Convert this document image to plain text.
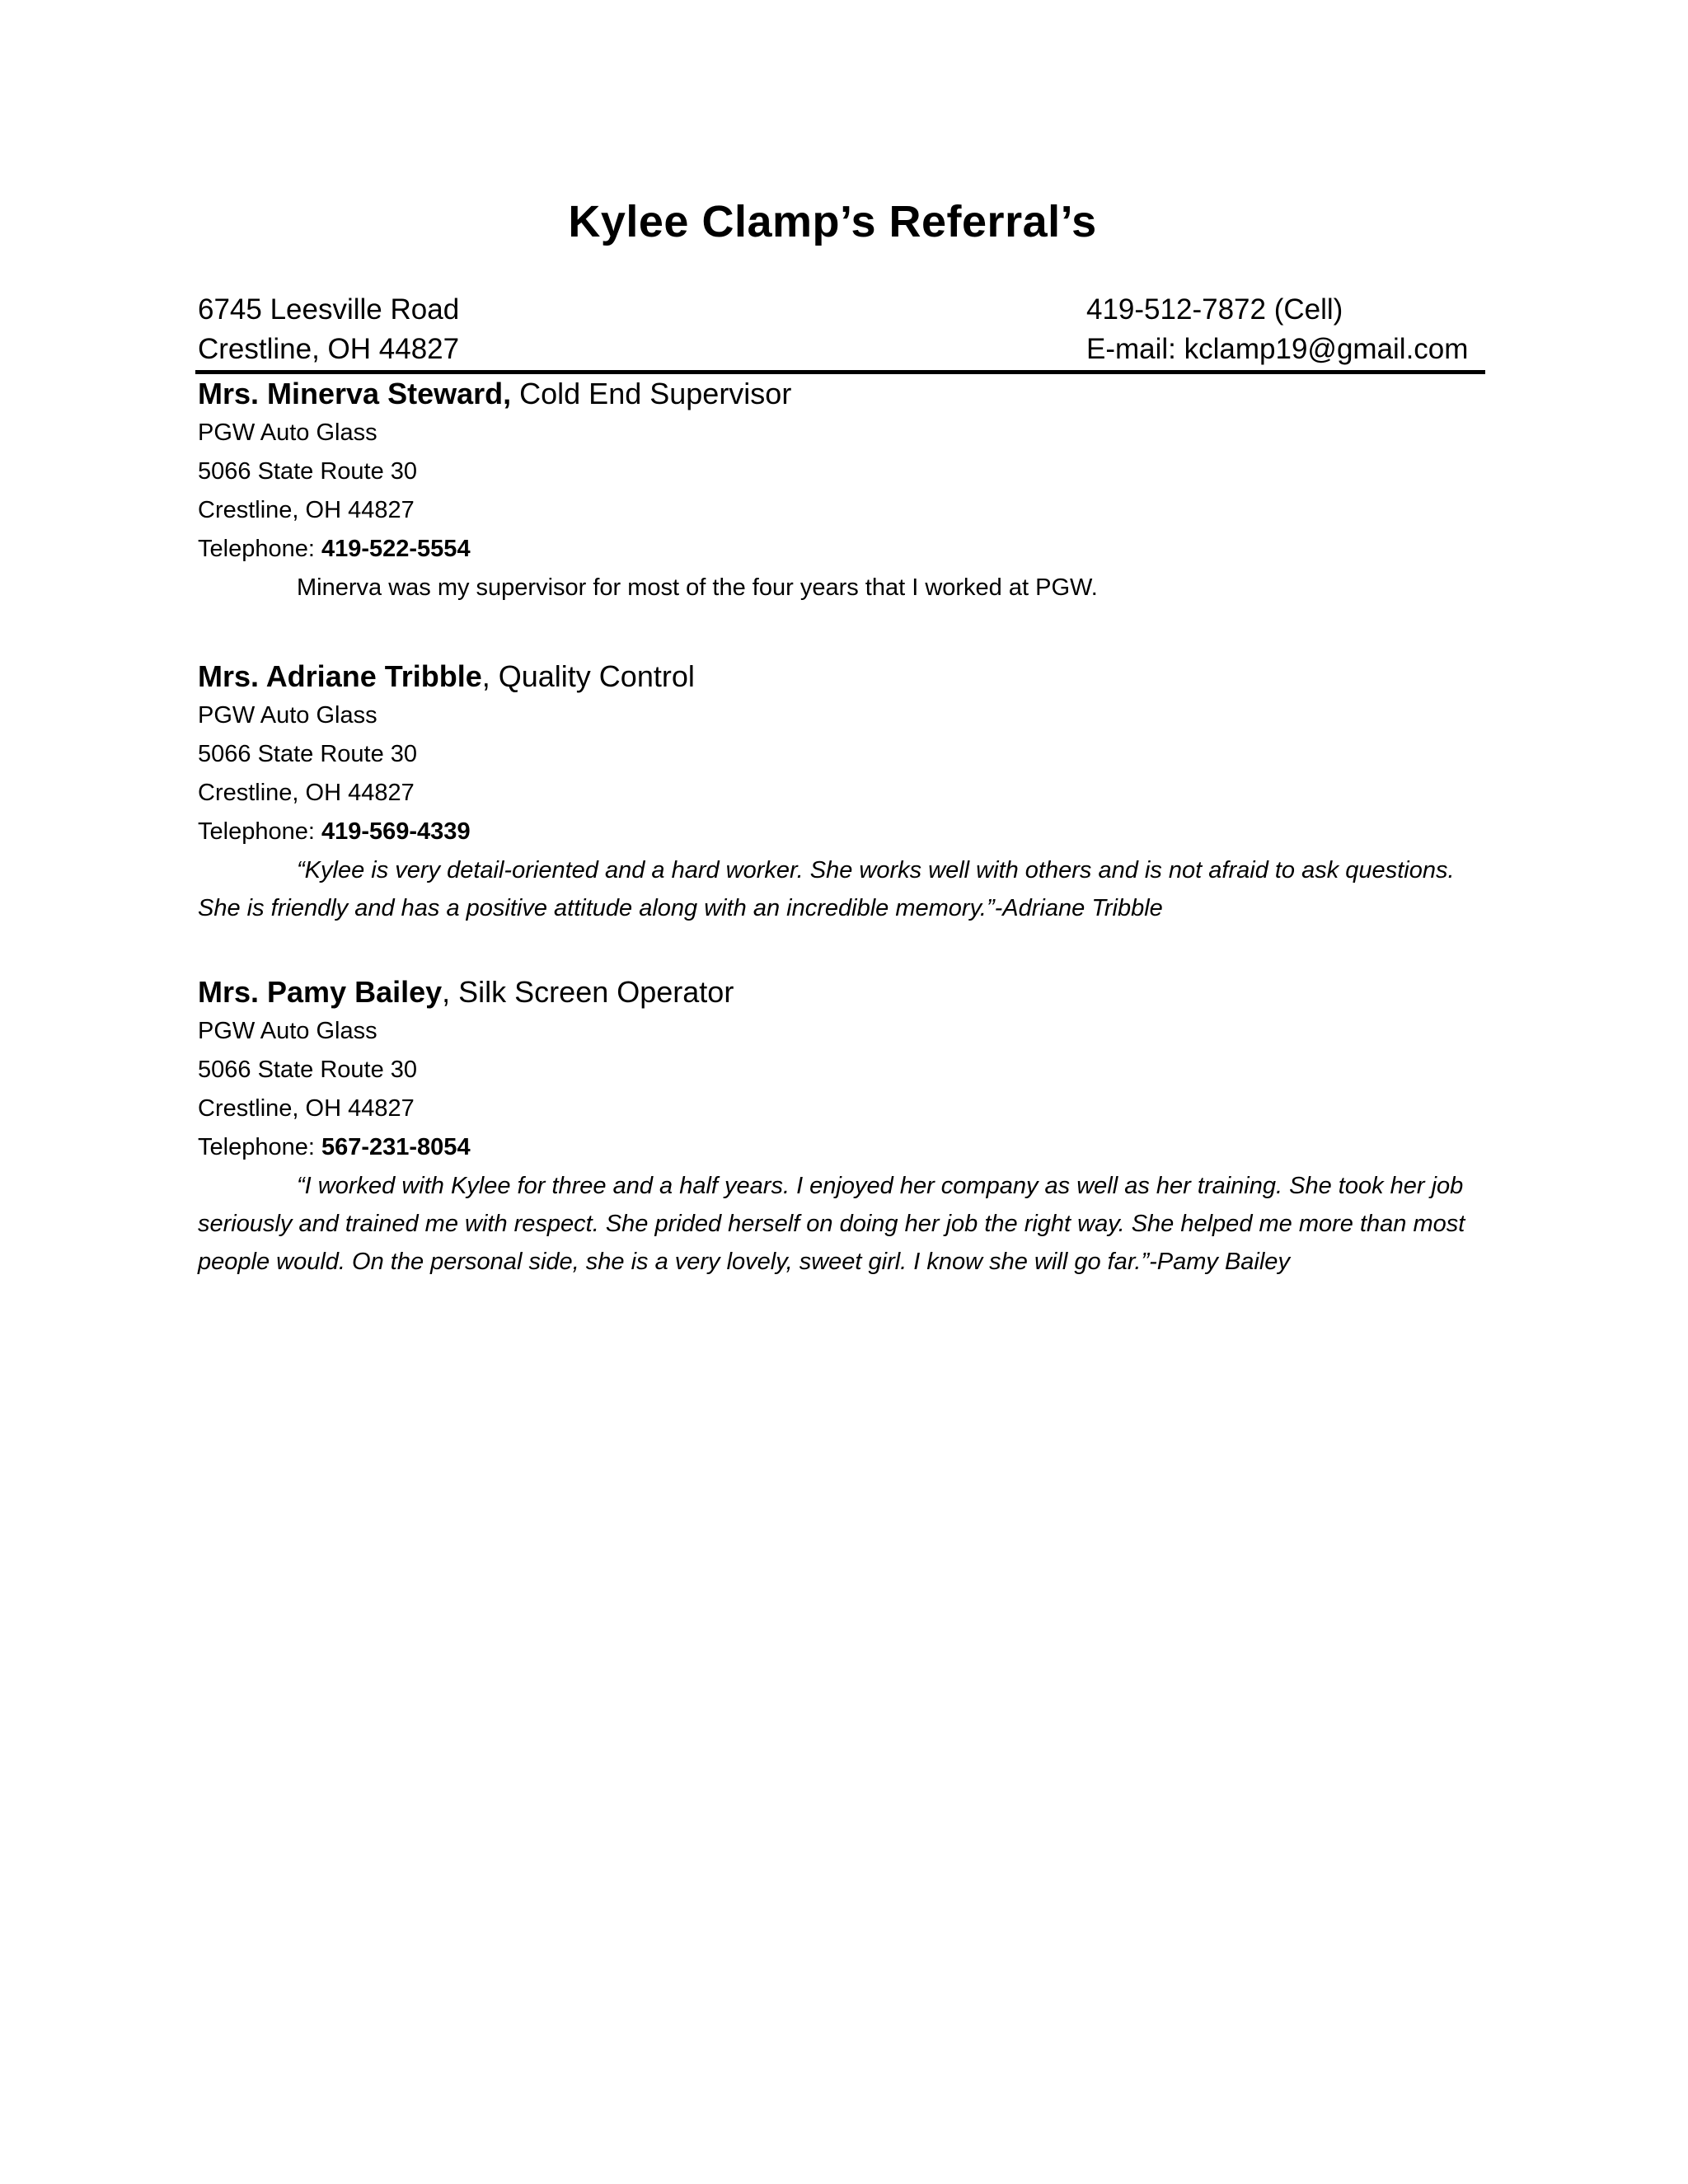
Kylee Clamp’s Referral’s
6745 Leesville Road
Crestline, OH 44827
419-512-7872 (Cell)
E-mail: kclamp19@gmail.com
Mrs. Minerva Steward, Cold End Supervisor
PGW Auto Glass
5066 State Route 30
Crestline, OH 44827
Telephone: 419-522-5554
Minerva was my supervisor for most of the four years that I worked at PGW.
Mrs. Adriane Tribble, Quality Control
PGW Auto Glass
5066 State Route 30
Crestline, OH 44827
Telephone: 419-569-4339
“Kylee is very detail-oriented and a hard worker. She works well with others and is not afraid to ask questions. She is friendly and has a positive attitude along with an incredible memory.”-Adriane Tribble
Mrs. Pamy Bailey, Silk Screen Operator
PGW Auto Glass
5066 State Route 30
Crestline, OH 44827
Telephone: 567-231-8054
“I worked with Kylee for three and a half years. I enjoyed her company as well as her training. She took her job seriously and trained me with respect. She prided herself on doing her job the right way. She helped me more than most people would. On the personal side, she is a very lovely, sweet girl. I know she will go far.”-Pamy Bailey
